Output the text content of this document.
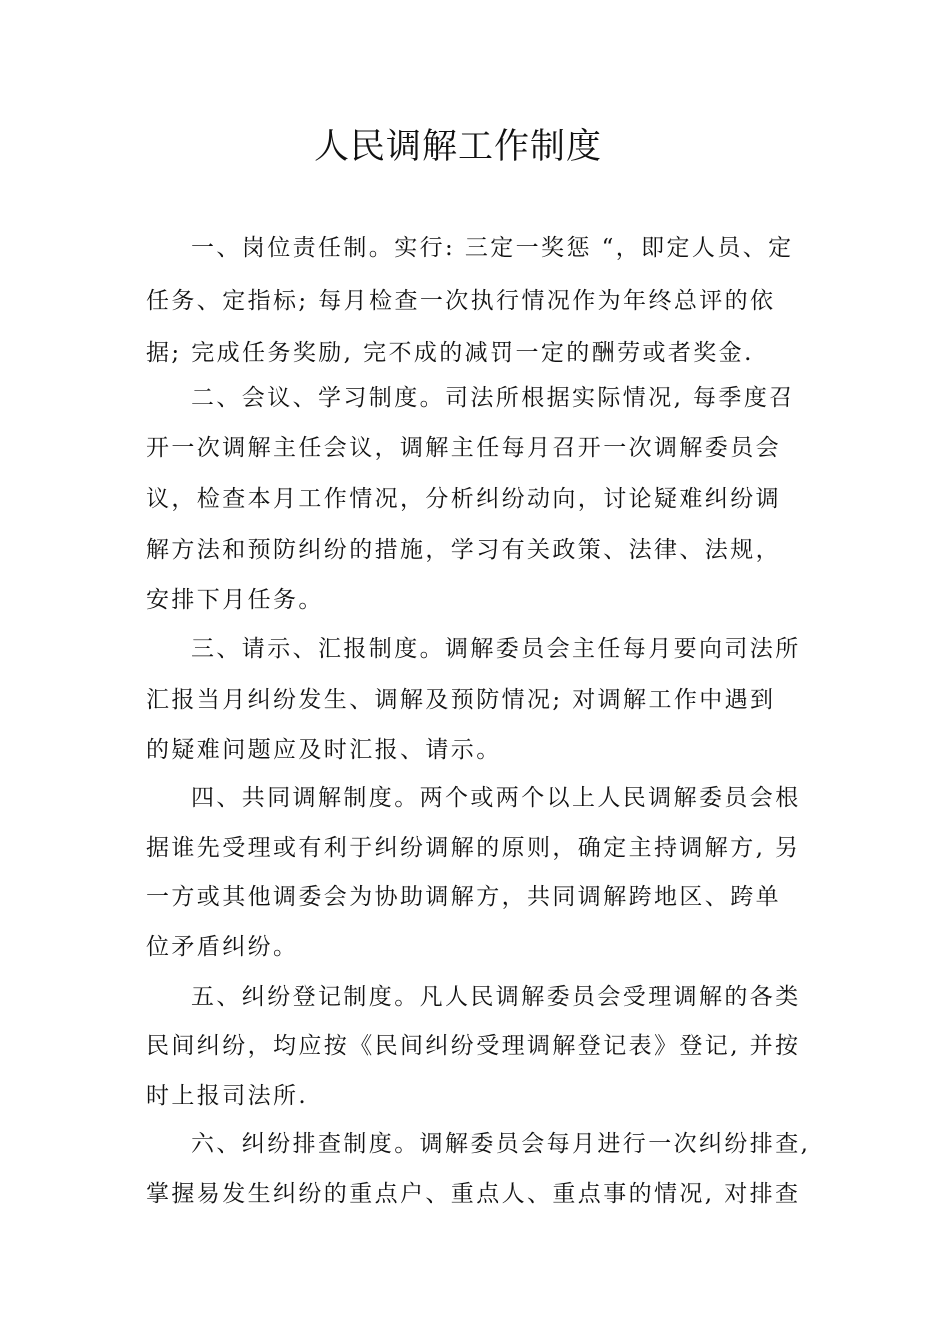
人民调解工作制度

一、岗位责任制。实行: 三定一奖惩 “，即定人员、定

任务、定指标; 每月检查一次执行情况作为年终总评的依

据; 完成任务奖励, 完不成的减罚一定的酬劳或者奖金.

二、会议、学习制度。司法所根据实际情况, 每季度召

开一次调解主任会议，调解主任每月召开一次调解委员会

议，检查本月工作情况，分析纠纷动向，讨论疑难纠纷调

解方法和预防纠纷的措施，学习有关政策、法律、法规，

安排下月任务。

三、请示、汇报制度。调解委员会主任每月要向司法所

汇报当月纠纷发生、调解及预防情况; 对调解工作中遇到

的疑难问题应及时汇报、请示。

四、共同调解制度。两个或两个以上人民调解委员会根

据谁先受理或有利于纠纷调解的原则，确定主持调解方, 另

一方或其他调委会为协助调解方，共同调解跨地区、跨单

位矛盾纠纷。

五、纠纷登记制度。凡人民调解委员会受理调解的各类

民间纠纷，均应按《民间纠纷受理调解登记表》登记, 并按

时上报司法所.

六、纠纷排查制度。调解委员会每月进行一次纠纷排查,

掌握易发生纠纷的重点户、重点人、重点事的情况, 对排查
